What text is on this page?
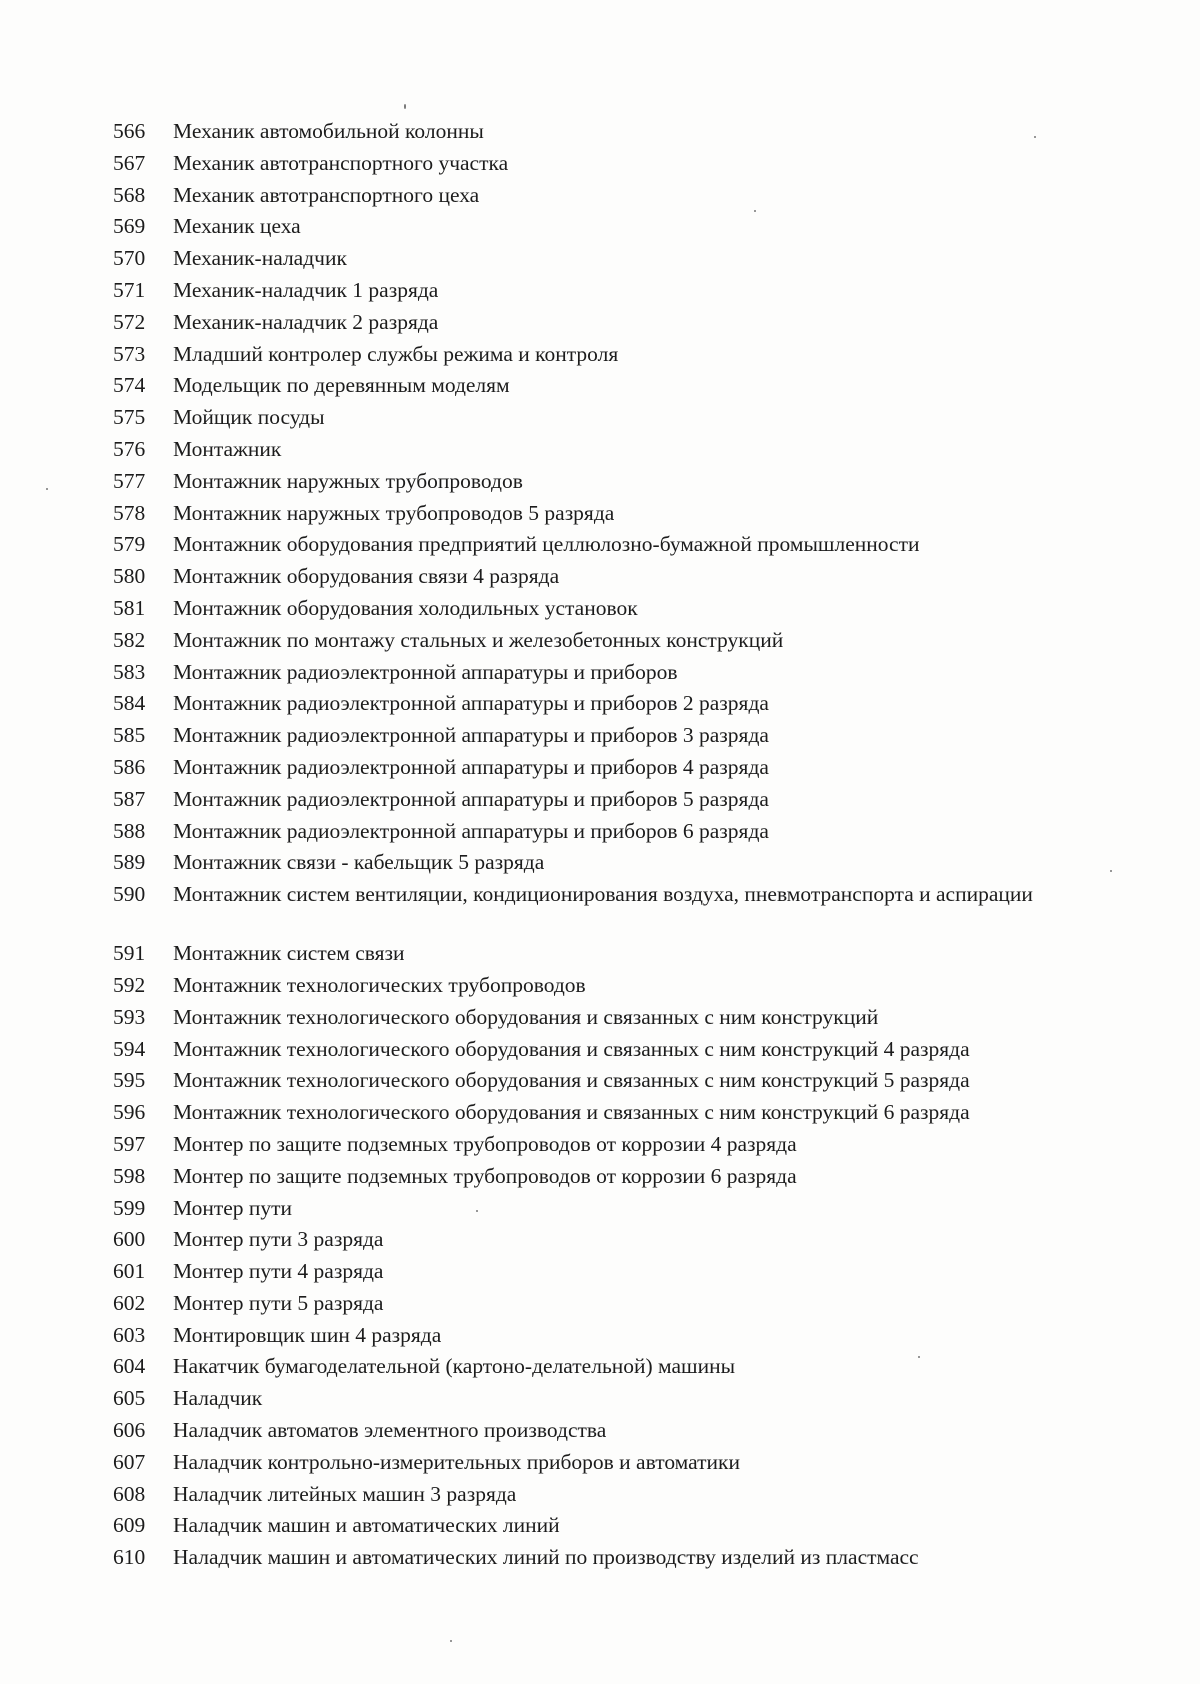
566	Механик автомобильной колонны
567	Механик автотранспортного участка
568	Механик автотранспортного цеха
569	Механик цеха
570	Механик-наладчик
571	Механик-наладчик 1 разряда
572	Механик-наладчик 2 разряда
573	Младший контролер службы режима и контроля
574	Модельщик по деревянным моделям
575	Мойщик посуды
576	Монтажник
577	Монтажник наружных трубопроводов
578	Монтажник наружных трубопроводов 5 разряда
579	Монтажник оборудования предприятий целлюлозно-бумажной промышленности
580	Монтажник оборудования связи 4 разряда
581	Монтажник оборудования холодильных установок
582	Монтажник по монтажу стальных и железобетонных конструкций
583	Монтажник радиоэлектронной аппаратуры и приборов
584	Монтажник радиоэлектронной аппаратуры и приборов 2 разряда
585	Монтажник радиоэлектронной аппаратуры и приборов 3 разряда
586	Монтажник радиоэлектронной аппаратуры и приборов 4 разряда
587	Монтажник радиоэлектронной аппаратуры и приборов 5 разряда
588	Монтажник радиоэлектронной аппаратуры и приборов 6 разряда
589	Монтажник связи - кабельщик 5 разряда
590	Монтажник систем вентиляции, кондиционирования воздуха, пневмотранспорта и аспирации
591	Монтажник систем связи
592	Монтажник технологических трубопроводов
593	Монтажник технологического оборудования и связанных с ним конструкций
594	Монтажник технологического оборудования и связанных с ним конструкций 4 разряда
595	Монтажник технологического оборудования и связанных с ним конструкций 5 разряда
596	Монтажник технологического оборудования и связанных с ним конструкций 6 разряда
597	Монтер по защите подземных трубопроводов от коррозии 4 разряда
598	Монтер по защите подземных трубопроводов от коррозии 6 разряда
599	Монтер пути
600	Монтер пути 3 разряда
601	Монтер пути 4 разряда
602	Монтер пути 5 разряда
603	Монтировщик шин 4 разряда
604	Накатчик бумагоделательной (картоно-делательной) машины
605	Наладчик
606	Наладчик автоматов элементного производства
607	Наладчик контрольно-измерительных приборов и автоматики
608	Наладчик литейных машин 3 разряда
609	Наладчик машин и автоматических линий
610	Наладчик машин и автоматических линий по производству изделий из пластмасс
